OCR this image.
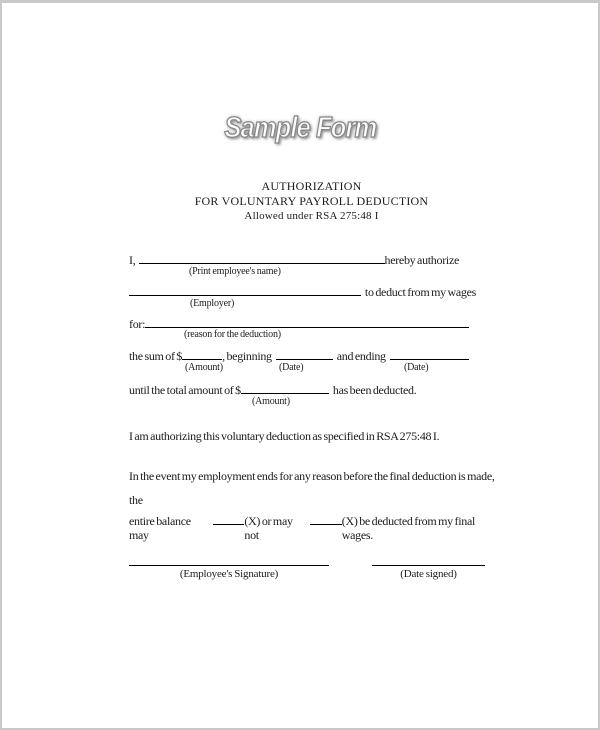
Sample Form
AUTHORIZATION
FOR VOLUNTARY PAYROLL DEDUCTION
Allowed under RSA 275:48 I
I,	hereby authorize
(Print employee's name)
to deduct from my wages
(Employer)
for:
(reason for the deduction)
the sum of $	, beginning	and ending
(Amount)	(Date)	(Date)
until the total amount of $	has been deducted.
(Amount)
I am authorizing this voluntary deduction as specified in RSA 275:48 I.
In the event my employment ends for any reason before the final deduction is made, the
entire balance may
(X) or may not
(X) be deducted from my final wages.
(Employee's Signature)	(Date signed)
